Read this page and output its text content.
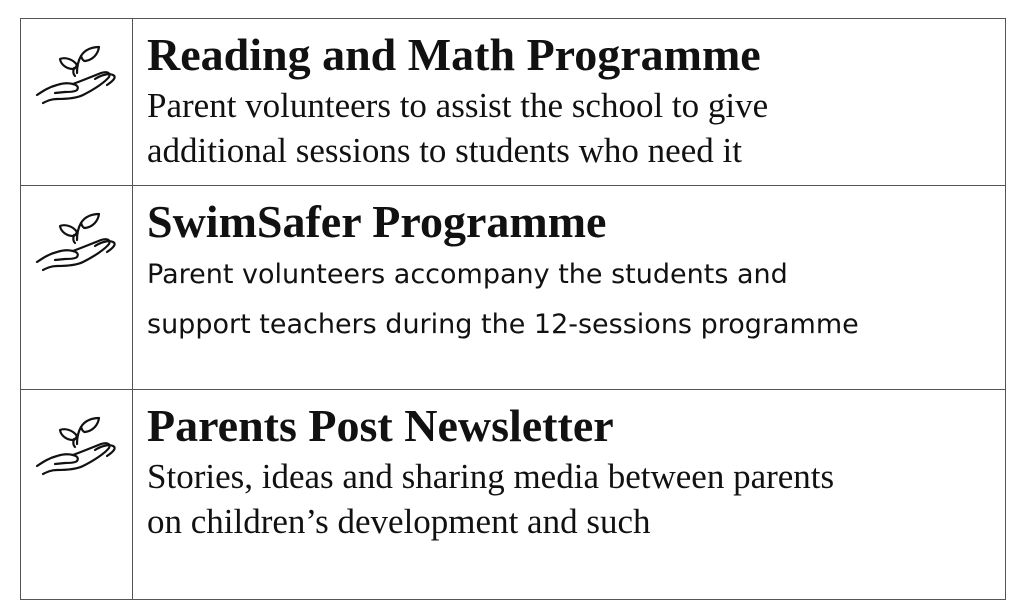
Reading and Math Programme
Parent volunteers to assist the school to give
additional sessions to students who need it
SwimSafer Programme
Parent volunteers accompany the students and
support teachers during the 12-sessions programme
Parents Post Newsletter
Stories, ideas and sharing media between parents
on children’s development and such
